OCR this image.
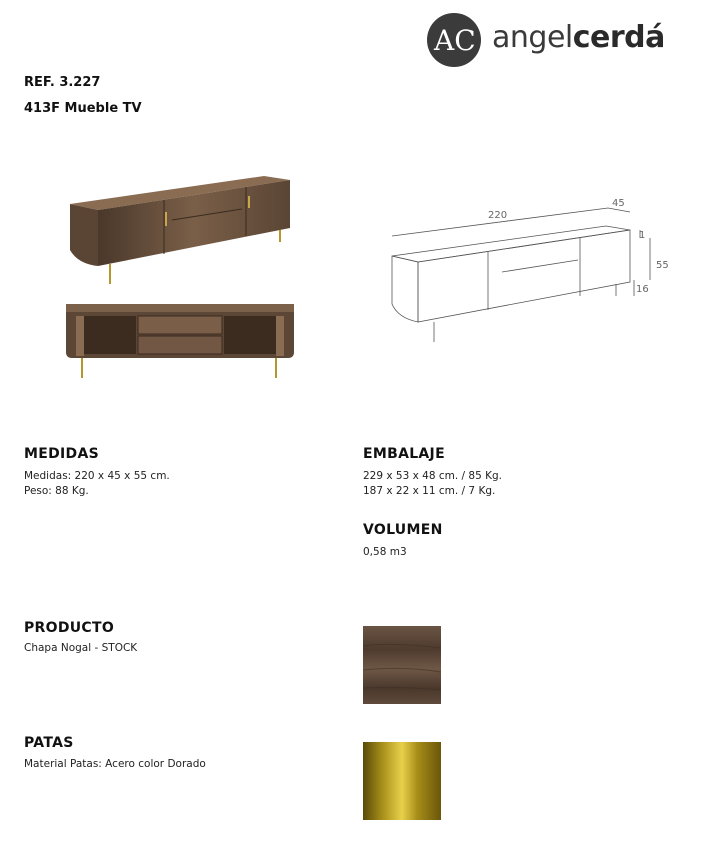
AC angelcerdá
REF. 3.227
413F Mueble TV
220
45
1
55
16
MEDIDAS
Medidas: 220 x 45 x 55 cm.
Peso: 88 Kg.
EMBALAJE
229 x 53 x 48 cm. / 85 Kg.
187 x 22 x 11 cm. / 7 Kg.
VOLUMEN
0,58 m3
PRODUCTO
Chapa Nogal - STOCK
PATAS
Material Patas: Acero color Dorado
